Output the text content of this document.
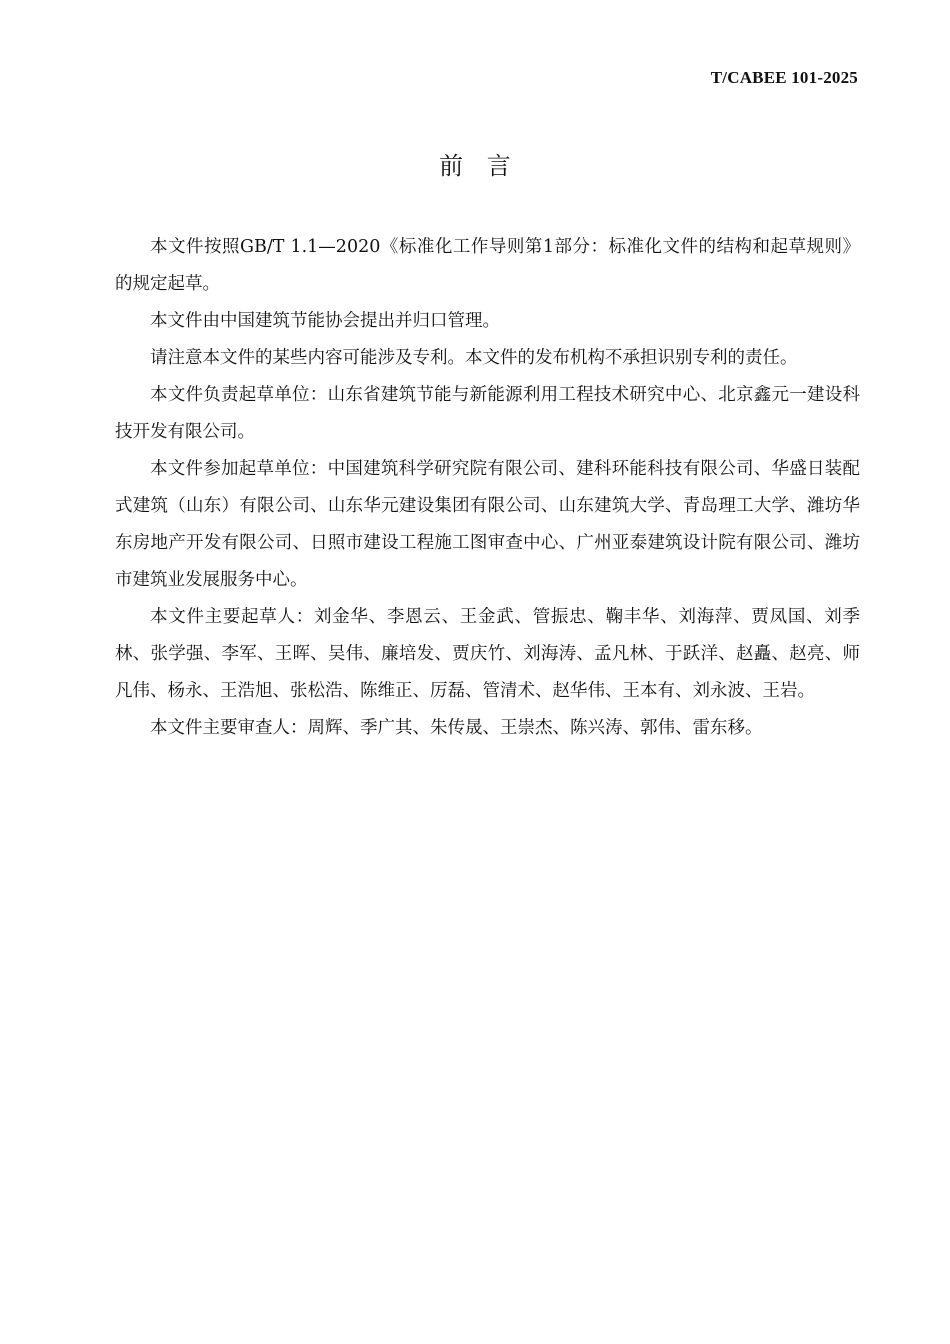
T/CABEE 101-2025
前 言

本文件按照GB/T 1.1—2020《标准化工作导则第1部分：标准化文件的结构和起草规则》的规定起草。

本文件由中国建筑节能协会提出并归口管理。

请注意本文件的某些内容可能涉及专利。本文件的发布机构不承担识别专利的责任。

本文件负责起草单位：山东省建筑节能与新能源利用工程技术研究中心、北京鑫元一建设科技开发有限公司。

本文件参加起草单位：中国建筑科学研究院有限公司、建科环能科技有限公司、华盛日装配式建筑（山东）有限公司、山东华元建设集团有限公司、山东建筑大学、青岛理工大学、潍坊华东房地产开发有限公司、日照市建设工程施工图审查中心、广州亚泰建筑设计院有限公司、潍坊市建筑业发展服务中心。

本文件主要起草人：刘金华、李恩云、王金武、管振忠、鞠丰华、刘海萍、贾凤国、刘季林、张学强、李军、王晖、吴伟、廉培发、贾庆竹、刘海涛、孟凡林、于跃洋、赵矗、赵亮、师凡伟、杨永、王浩旭、张松浩、陈维正、厉磊、管清术、赵华伟、王本有、刘永波、王岩。

本文件主要审查人：周辉、季广其、朱传晟、王崇杰、陈兴涛、郭伟、雷东移。
